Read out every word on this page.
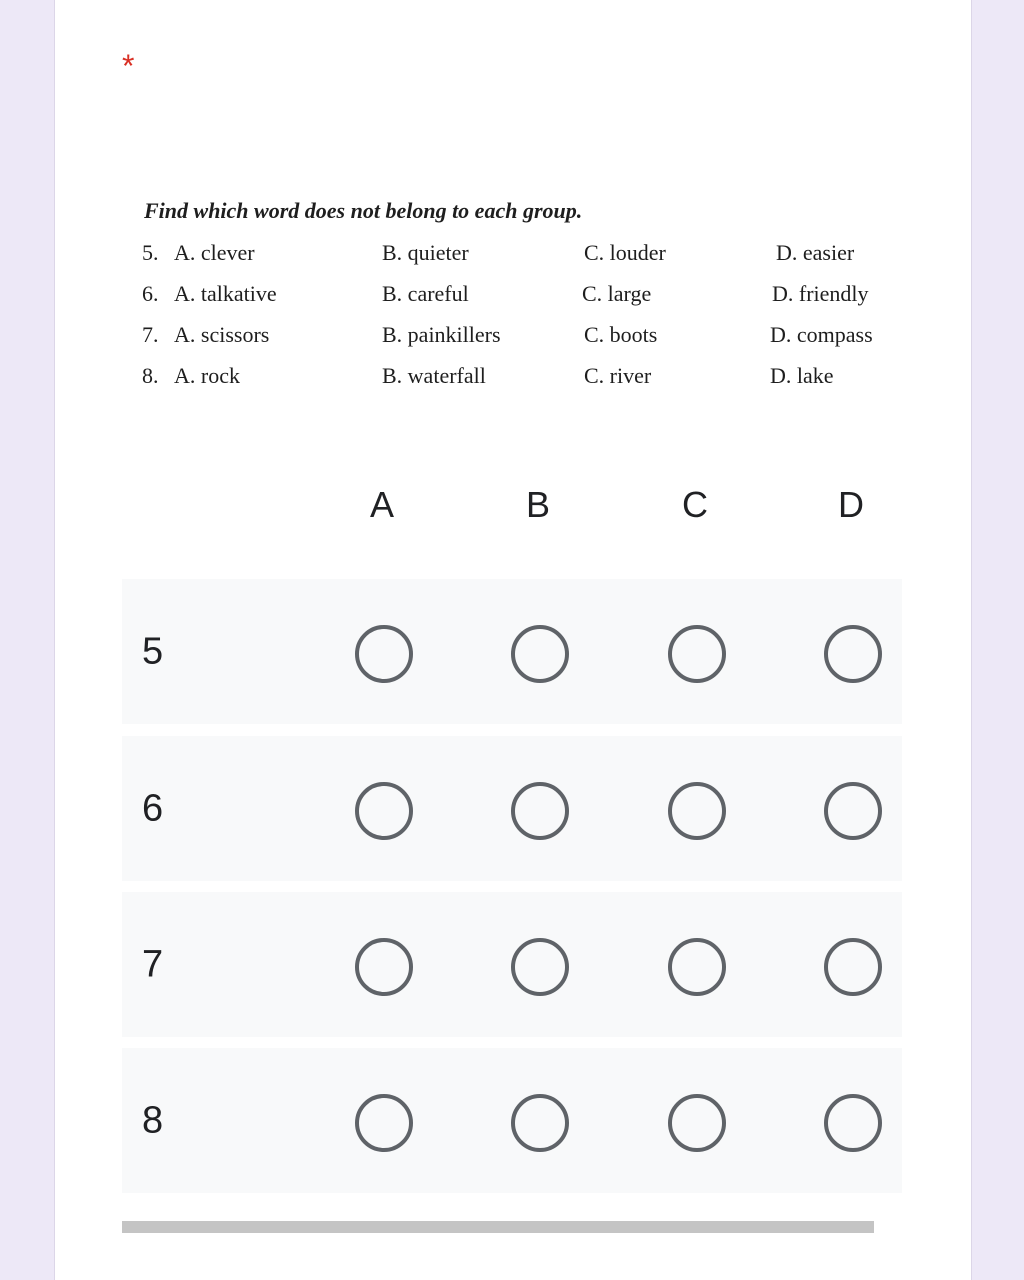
*
Find which word does not belong to each group.
5. A. clever	B. quieter	C. louder	D. easier
6. A. talkative	B. careful	C. large	D. friendly
7. A. scissors	B. painkillers	C. boots	D. compass
8. A. rock	B. waterfall	C. river	D. lake
A	B	C	D
5
6
7
8
